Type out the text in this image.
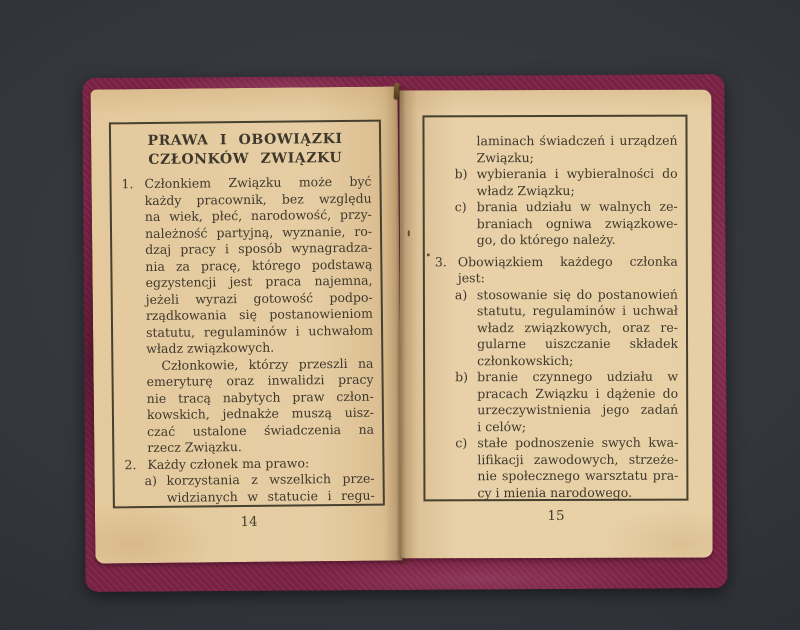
PRAWA I OBOWIĄZKI
CZŁONKÓW ZWIĄZKU
1. Członkiem Związku może być
każdy pracownik, bez względu
na wiek, płeć, narodowość, przy-
należność partyjną, wyznanie, ro-
dzaj pracy i sposób wynagradza-
nia za pracę, którego podstawą
egzystencji jest praca najemna,
jeżeli wyrazi gotowość podpo-
rządkowania się postanowieniom
statutu, regulaminów i uchwałom
władz związkowych.
Członkowie, którzy przeszli na
emeryturę oraz inwalidzi pracy
nie tracą nabytych praw człon-
kowskich, jednakże muszą uisz-
czać ustalone świadczenia na
rzecz Związku.
2. Każdy członek ma prawo:
a) korzystania z wszelkich prze-
widzianych w statucie i regu-
14
laminach świadczeń i urządzeń
Związku;
b) wybierania i wybieralności do
władz Związku;
c) brania udziału w walnych ze-
braniach ogniwa związkowe-
go, do którego należy.
3. Obowiązkiem każdego członka
jest:
a) stosowanie się do postanowień
statutu, regulaminów i uchwał
władz związkowych, oraz re-
gularne uiszczanie składek
członkowskich;
b) branie czynnego udziału w
pracach Związku i dążenie do
urzeczywistnienia jego zadań
i celów;
c) stałe podnoszenie swych kwa-
lifikacji zawodowych, strzeże-
nie społecznego warsztatu pra-
cy i mienia narodowego.
15
